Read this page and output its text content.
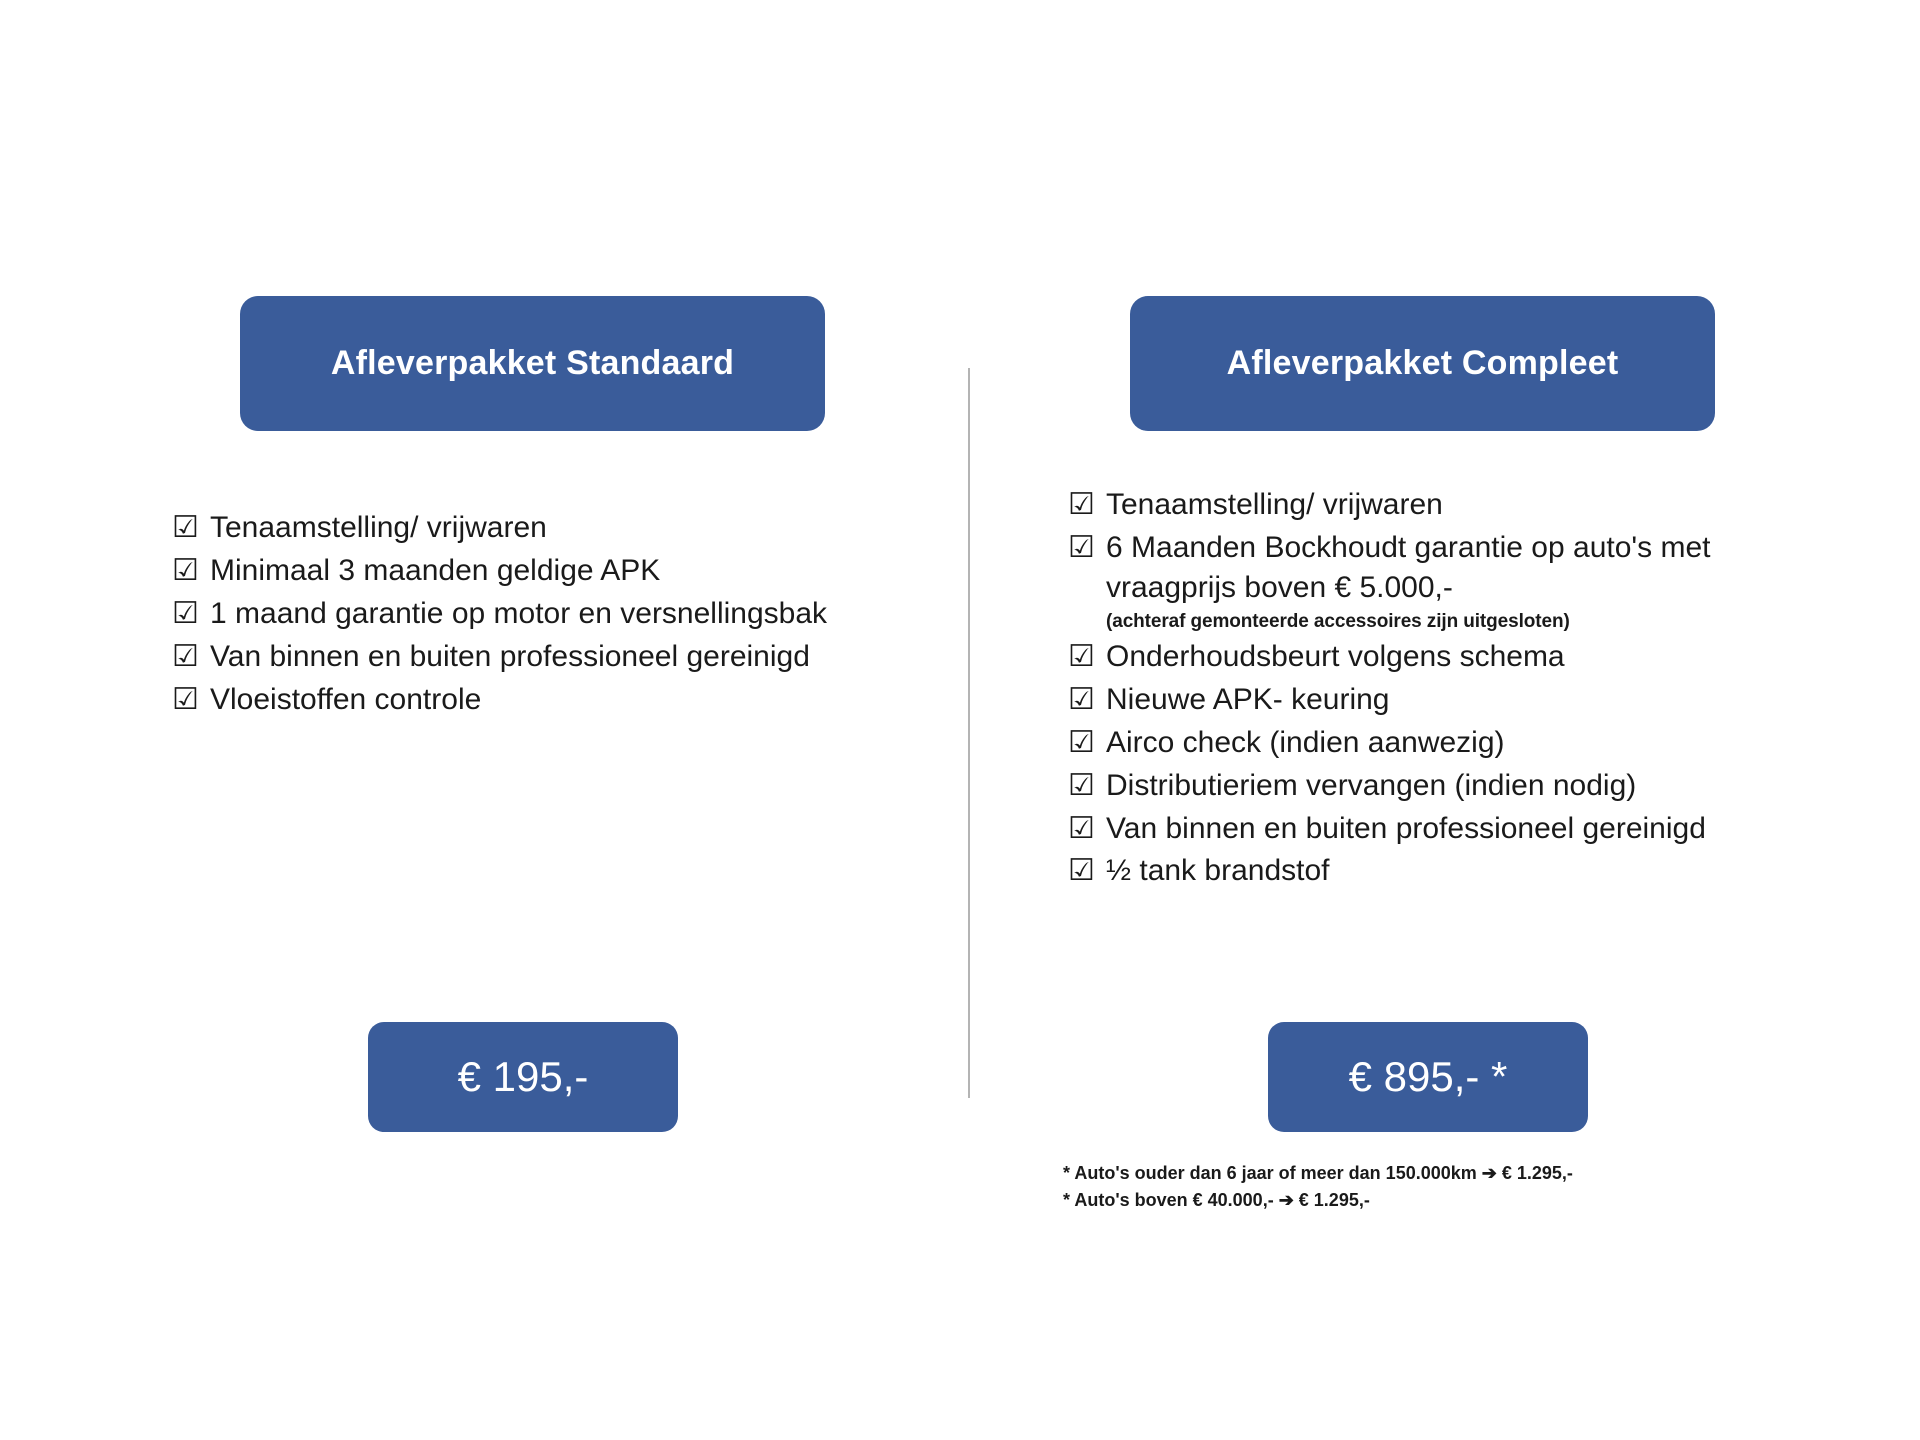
Afleverpakket Standaard
☑ Tenaamstelling/ vrijwaren
☑ Minimaal 3 maanden geldige APK
☑ 1 maand garantie op motor en versnellingsbak
☑ Van binnen en buiten professioneel gereinigd
☑ Vloeistoffen controle
€ 195,-
Afleverpakket Compleet
☑ Tenaamstelling/ vrijwaren
☑ 6 Maanden Bockhoudt garantie op auto's met vraagprijs boven € 5.000,-
(achteraf gemonteerde accessoires zijn uitgesloten)
☑ Onderhoudsbeurt volgens schema
☑ Nieuwe APK- keuring
☑ Airco check (indien aanwezig)
☑ Distributieriem vervangen (indien nodig)
☑ Van binnen en buiten professioneel gereinigd
☑ ½ tank brandstof
€ 895,- *
* Auto's ouder dan 6 jaar of meer dan 150.000km ➔ € 1.295,-
* Auto's boven € 40.000,- ➔ € 1.295,-
